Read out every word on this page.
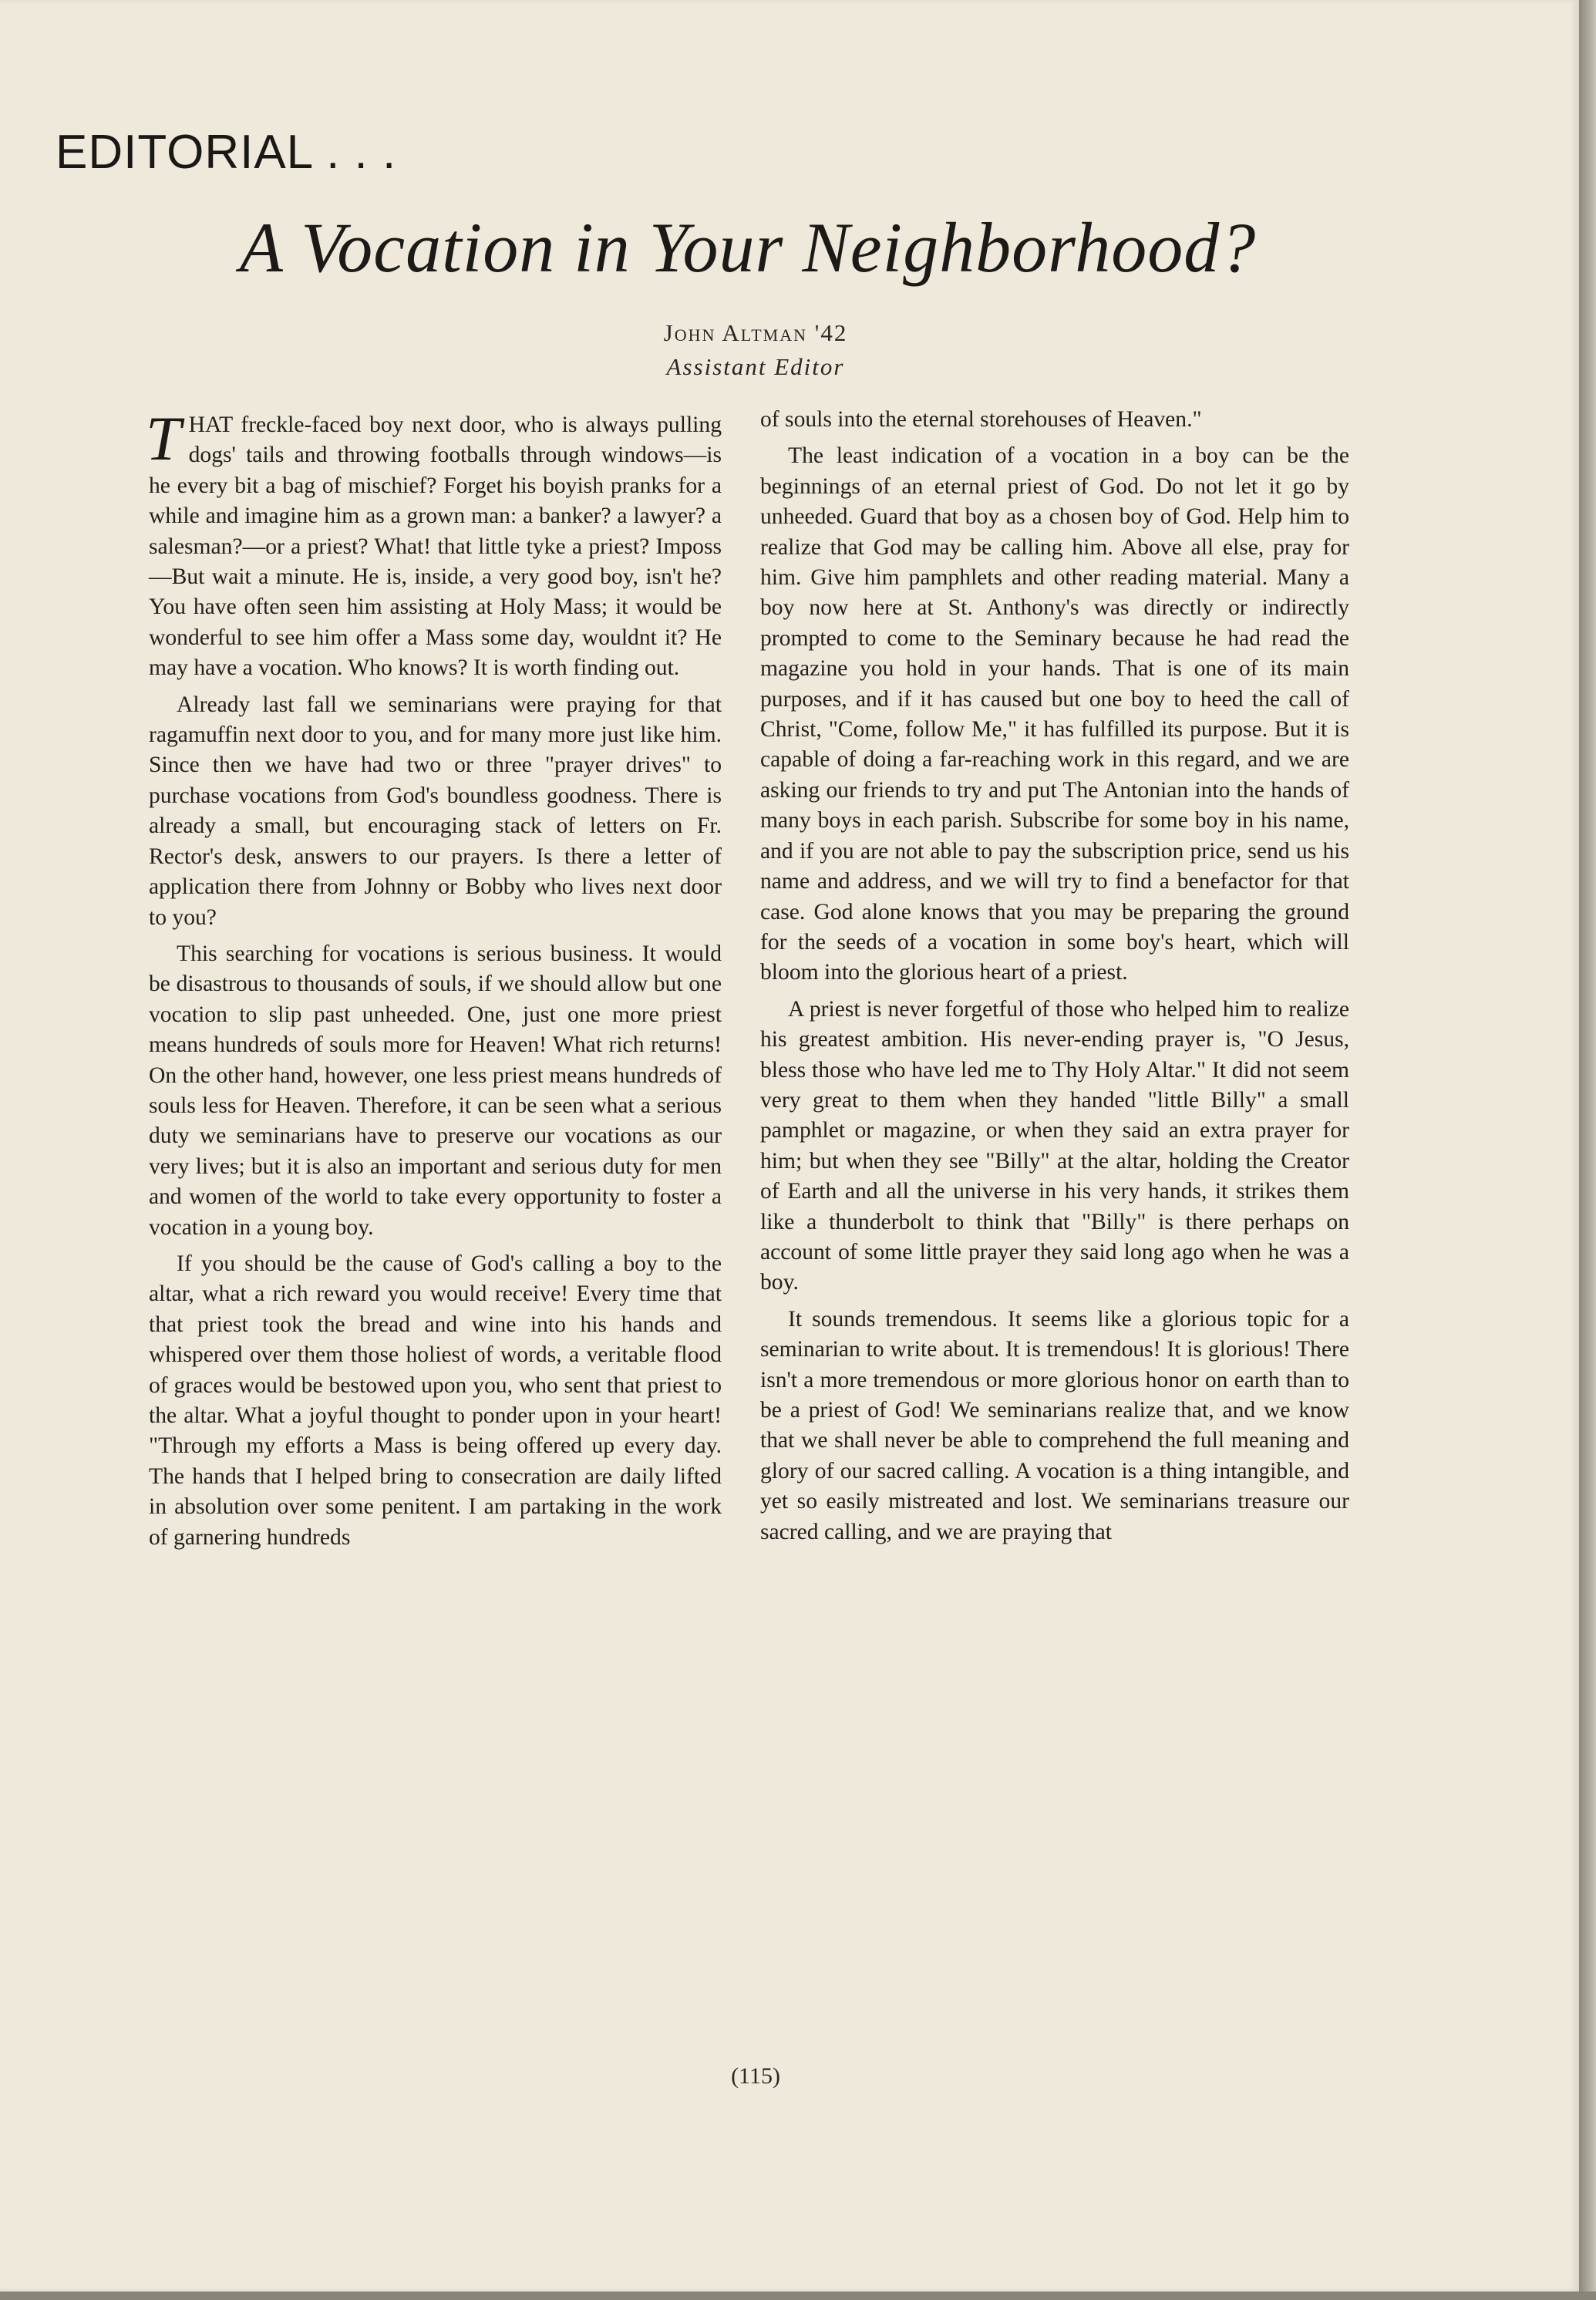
EDITORIAL . . .
A Vocation in Your Neighborhood?
John Altman '42
Assistant Editor

THAT freckle-faced boy next door, who is always pulling dogs' tails and throwing footballs through windows—is he every bit a bag of mischief? Forget his boyish pranks for a while and imagine him as a grown man: a banker? a lawyer? a salesman?—or a priest? What! that little tyke a priest? Imposs—But wait a minute. He is, inside, a very good boy, isn't he? You have often seen him assisting at Holy Mass; it would be wonderful to see him offer a Mass some day, wouldnt it? He may have a vocation. Who knows? It is worth finding out.

Already last fall we seminarians were praying for that ragamuffin next door to you, and for many more just like him. Since then we have had two or three "prayer drives" to purchase vocations from God's boundless goodness. There is already a small, but encouraging stack of letters on Fr. Rector's desk, answers to our prayers. Is there a letter of application there from Johnny or Bobby who lives next door to you?

This searching for vocations is serious business. It would be disastrous to thousands of souls, if we should allow but one vocation to slip past unheeded. One, just one more priest means hundreds of souls more for Heaven! What rich returns! On the other hand, however, one less priest means hundreds of souls less for Heaven. Therefore, it can be seen what a serious duty we seminarians have to preserve our vocations as our very lives; but it is also an important and serious duty for men and women of the world to take every opportunity to foster a vocation in a young boy.

If you should be the cause of God's calling a boy to the altar, what a rich reward you would receive! Every time that that priest took the bread and wine into his hands and whispered over them those holiest of words, a veritable flood of graces would be bestowed upon you, who sent that priest to the altar. What a joyful thought to ponder upon in your heart! "Through my efforts a Mass is being offered up every day. The hands that I helped bring to consecration are daily lifted in absolution over some penitent. I am partaking in the work of garnering hundreds

of souls into the eternal storehouses of Heaven."

The least indication of a vocation in a boy can be the beginnings of an eternal priest of God. Do not let it go by unheeded. Guard that boy as a chosen boy of God. Help him to realize that God may be calling him. Above all else, pray for him. Give him pamphlets and other reading material. Many a boy now here at St. Anthony's was directly or indirectly prompted to come to the Seminary because he had read the magazine you hold in your hands. That is one of its main purposes, and if it has caused but one boy to heed the call of Christ, "Come, follow Me," it has fulfilled its purpose. But it is capable of doing a far-reaching work in this regard, and we are asking our friends to try and put The Antonian into the hands of many boys in each parish. Subscribe for some boy in his name, and if you are not able to pay the subscription price, send us his name and address, and we will try to find a benefactor for that case. God alone knows that you may be preparing the ground for the seeds of a vocation in some boy's heart, which will bloom into the glorious heart of a priest.

A priest is never forgetful of those who helped him to realize his greatest ambition. His never-ending prayer is, "O Jesus, bless those who have led me to Thy Holy Altar." It did not seem very great to them when they handed "little Billy" a small pamphlet or magazine, or when they said an extra prayer for him; but when they see "Billy" at the altar, holding the Creator of Earth and all the universe in his very hands, it strikes them like a thunderbolt to think that "Billy" is there perhaps on account of some little prayer they said long ago when he was a boy.

It sounds tremendous. It seems like a glorious topic for a seminarian to write about. It is tremendous! It is glorious! There isn't a more tremendous or more glorious honor on earth than to be a priest of God! We seminarians realize that, and we know that we shall never be able to comprehend the full meaning and glory of our sacred calling. A vocation is a thing intangible, and yet so easily mistreated and lost. We seminarians treasure our sacred calling, and we are praying that

(115)
